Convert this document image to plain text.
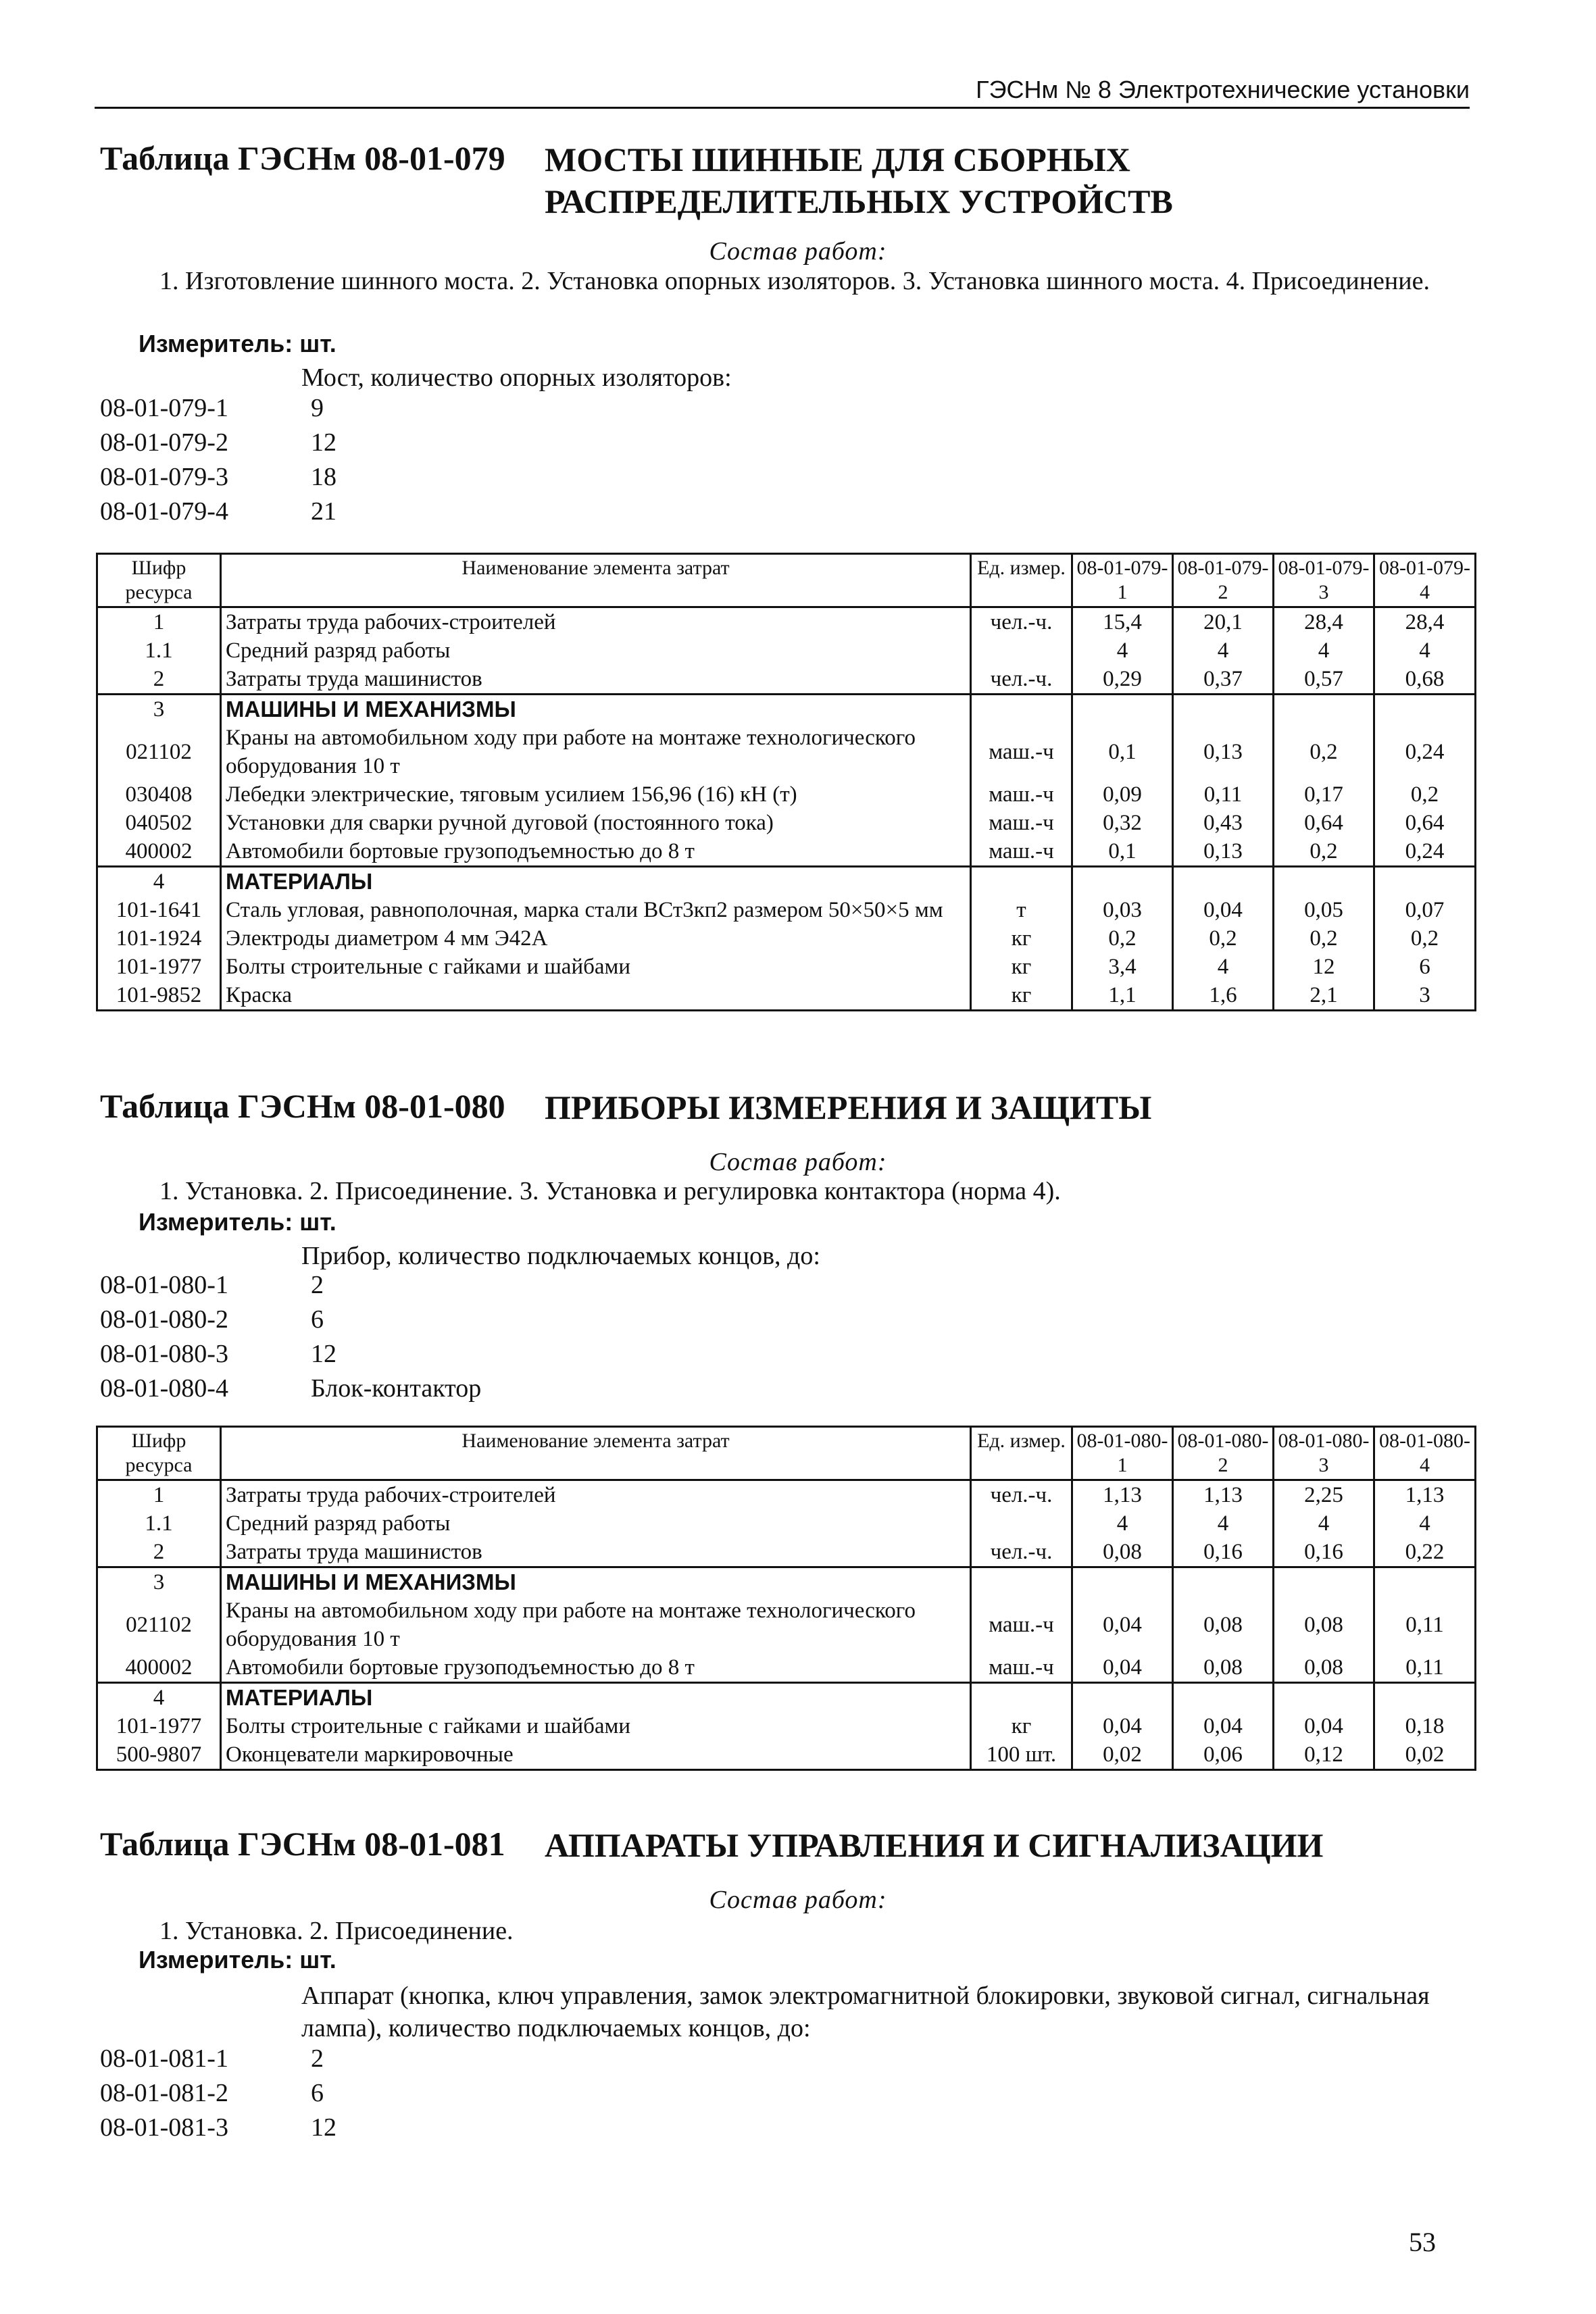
ГЭСНм № 8 Электротехнические установки
Таблица ГЭСНм 08-01-079 МОСТЫ ШИННЫЕ ДЛЯ СБОРНЫХ
РАСПРЕДЕЛИТЕЛЬНЫХ УСТРОЙСТВ
Состав работ:
1. Изготовление шинного моста. 2. Установка опорных изоляторов. 3. Установка шинного моста. 4. Присоединение.
Измеритель: шт.
Мост, количество опорных изоляторов:
08-01-079-1	9
08-01-079-2	12
08-01-079-3	18
08-01-079-4	21
Шифр ресурса	Наименование элемента затрат	Ед. измер.	08-01-079-1	08-01-079-2	08-01-079-3	08-01-079-4
1	Затраты труда рабочих-строителей	чел.-ч.	15,4	20,1	28,4	28,4
1.1	Средний разряд работы		4	4	4	4
2	Затраты труда машинистов	чел.-ч.	0,29	0,37	0,57	0,68
3	МАШИНЫ И МЕХАНИЗМЫ					
021102	Краны на автомобильном ходу при работе на монтаже технологического оборудования 10 т	маш.-ч	0,1	0,13	0,2	0,24
030408	Лебедки электрические, тяговым усилием 156,96 (16) кН (т)	маш.-ч	0,09	0,11	0,17	0,2
040502	Установки для сварки ручной дуговой (постоянного тока)	маш.-ч	0,32	0,43	0,64	0,64
400002	Автомобили бортовые грузоподъемностью до 8 т	маш.-ч	0,1	0,13	0,2	0,24
4	МАТЕРИАЛЫ					
101-1641	Сталь угловая, равнополочная, марка стали ВСт3кп2 размером 50×50×5 мм	т	0,03	0,04	0,05	0,07
101-1924	Электроды диаметром 4 мм Э42А	кг	0,2	0,2	0,2	0,2
101-1977	Болты строительные с гайками и шайбами	кг	3,4	4	12	6
101-9852	Краска	кг	1,1	1,6	2,1	3
Таблица ГЭСНм 08-01-080 ПРИБОРЫ ИЗМЕРЕНИЯ И ЗАЩИТЫ
Состав работ:
1. Установка. 2. Присоединение. 3. Установка и регулировка контактора (норма 4).
Измеритель: шт.
Прибор, количество подключаемых концов, до:
08-01-080-1	2
08-01-080-2	6
08-01-080-3	12
08-01-080-4	Блок-контактор
Шифр ресурса	Наименование элемента затрат	Ед. измер.	08-01-080-1	08-01-080-2	08-01-080-3	08-01-080-4
1	Затраты труда рабочих-строителей	чел.-ч.	1,13	1,13	2,25	1,13
1.1	Средний разряд работы		4	4	4	4
2	Затраты труда машинистов	чел.-ч.	0,08	0,16	0,16	0,22
3	МАШИНЫ И МЕХАНИЗМЫ					
021102	Краны на автомобильном ходу при работе на монтаже технологического оборудования 10 т	маш.-ч	0,04	0,08	0,08	0,11
400002	Автомобили бортовые грузоподъемностью до 8 т	маш.-ч	0,04	0,08	0,08	0,11
4	МАТЕРИАЛЫ					
101-1977	Болты строительные с гайками и шайбами	кг	0,04	0,04	0,04	0,18
500-9807	Оконцеватели маркировочные	100 шт.	0,02	0,06	0,12	0,02
Таблица ГЭСНм 08-01-081 АППАРАТЫ УПРАВЛЕНИЯ И СИГНАЛИЗАЦИИ
Состав работ:
1. Установка. 2. Присоединение.
Измеритель: шт.
Аппарат (кнопка, ключ управления, замок электромагнитной блокировки, звуковой сигнал, сигнальная лампа), количество подключаемых концов, до:
08-01-081-1	2
08-01-081-2	6
08-01-081-3	12
53
